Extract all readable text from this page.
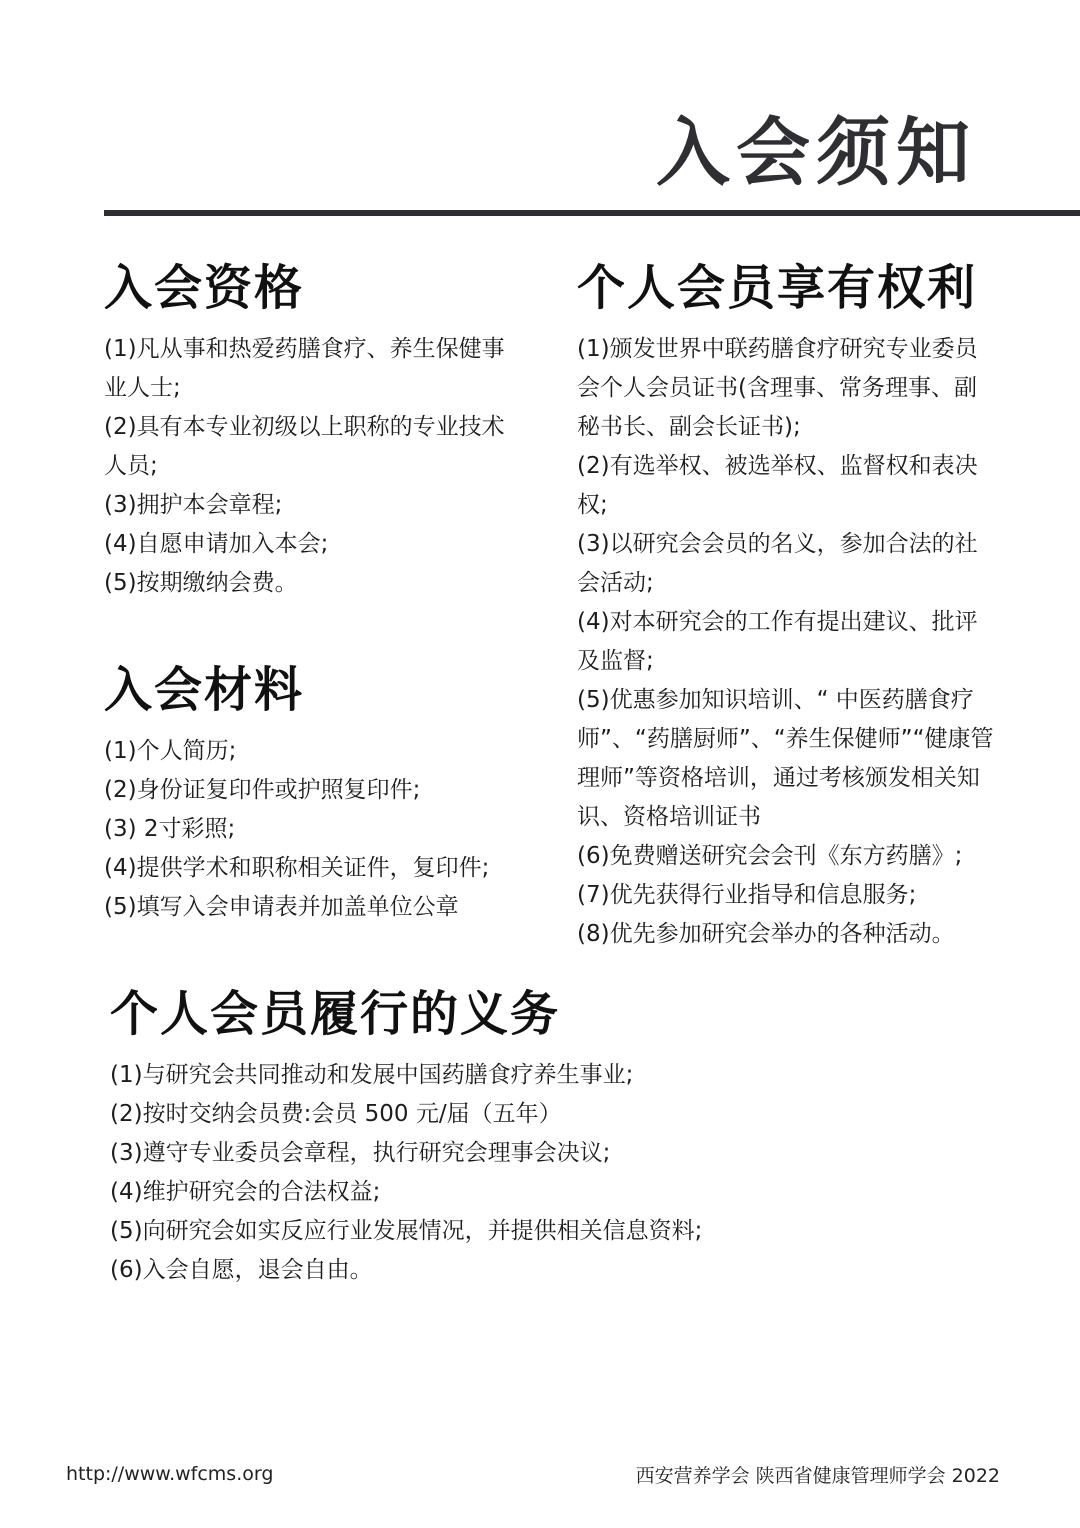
入会须知
入会资格
(1)凡从事和热爱药膳食疗、养生保健事业人士;
(2)具有本专业初级以上职称的专业技术人员;
(3)拥护本会章程;
(4)自愿申请加入本会;
(5)按期缴纳会费。
入会材料
(1)个人简历;
(2)身份证复印件或护照复印件;
(3) 2寸彩照;
(4)提供学术和职称相关证件，复印件;
(5)填写入会申请表并加盖单位公章
个人会员享有权利
(1)颁发世界中联药膳食疗研究专业委员会个人会员证书(含理事、常务理事、副秘书长、副会长证书);
(2)有选举权、被选举权、监督权和表决权;
(3)以研究会会员的名义，参加合法的社会活动;
(4)对本研究会的工作有提出建议、批评及监督;
(5)优惠参加知识培训、“ 中医药膳食疗师”、“药膳厨师”、“养生保健师”“健康管理师”等资格培训，通过考核颁发相关知识、资格培训证书
(6)免费赠送研究会会刊《东方药膳》;
(7)优先获得行业指导和信息服务;
(8)优先参加研究会举办的各种活动。
个人会员履行的义务
(1)与研究会共同推动和发展中国药膳食疗养生事业;
(2)按时交纳会员费:会员 500 元/届（五年）
(3)遵守专业委员会章程，执行研究会理事会决议;
(4)维护研究会的合法权益;
(5)向研究会如实反应行业发展情况，并提供相关信息资料;
(6)入会自愿，退会自由。
http://www.wfcms.org	西安营养学会 陕西省健康管理师学会 2022
